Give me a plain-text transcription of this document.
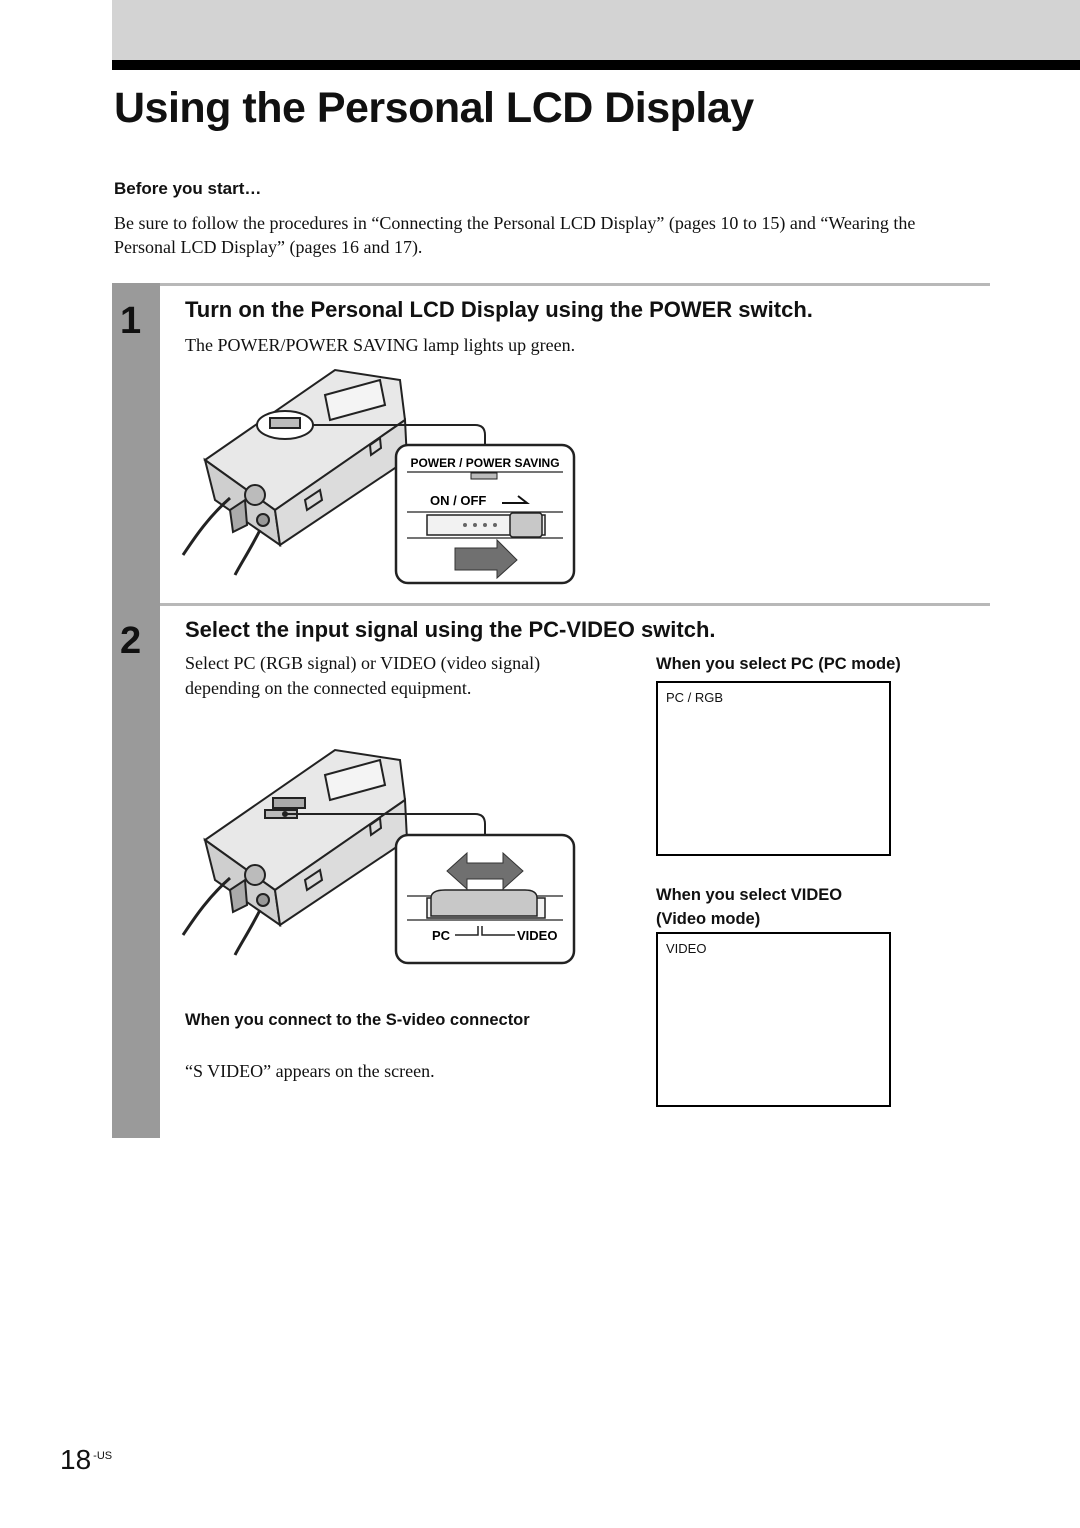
Using the Personal LCD Display
Before you start…
Be sure to follow the procedures in “Connecting the Personal LCD Display” (pages 10 to 15) and “Wearing the Personal LCD Display” (pages 16 and 17).
1 Turn on the Personal LCD Display using the POWER switch.
The POWER/POWER SAVING lamp lights up green.
POWER / POWER SAVING
ON / OFF
2 Select the input signal using the PC-VIDEO switch.
Select PC (RGB signal) or VIDEO (video signal) depending on the connected equipment.
PC	VIDEO
When you connect to the S-video connector
“S VIDEO” appears on the screen.
When you select PC (PC mode)
PC / RGB
When you select VIDEO (Video mode)
VIDEO
18 $^{-US}$
